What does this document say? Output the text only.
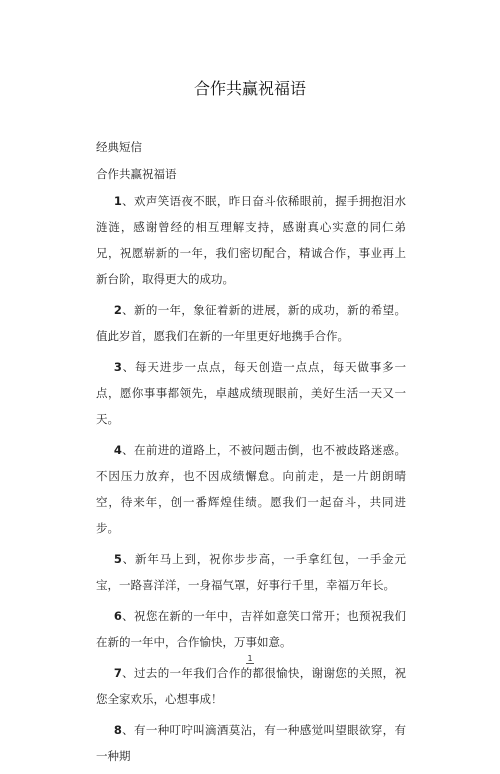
合作共赢祝福语
经典短信
合作共赢祝福语

1、欢声笑语夜不眠，昨日奋斗依稀眼前，握手拥抱泪水涟涟，感谢曾经的相互理解支持，感谢真心实意的同仁弟兄，祝愿崭新的一年，我们密切配合，精诚合作，事业再上新台阶，取得更大的成功。

2、新的一年，象征着新的进展，新的成功，新的希望。值此岁首，愿我们在新的一年里更好地携手合作。

3、每天进步一点点，每天创造一点点，每天做事多一点，愿你事事都领先，卓越成绩现眼前，美好生活一天又一天。

4、在前进的道路上，不被问题击倒，也不被歧路迷惑。不因压力放弃，也不因成绩懈怠。向前走，是一片朗朗晴空，待来年，创一番辉煌佳绩。愿我们一起奋斗，共同进步。

5、新年马上到，祝你步步高，一手拿红包，一手金元宝，一路喜洋洋，一身福气罩，好事行千里，幸福万年长。

6、祝您在新的一年中，吉祥如意笑口常开；也预祝我们在新的一年中，合作愉快，万事如意。

7、过去的一年我们合作的都很愉快，谢谢您的关照，祝您全家欢乐，心想事成！

8、有一种叮咛叫滴酒莫沾，有一种感觉叫望眼欲穿，有一种期

1
